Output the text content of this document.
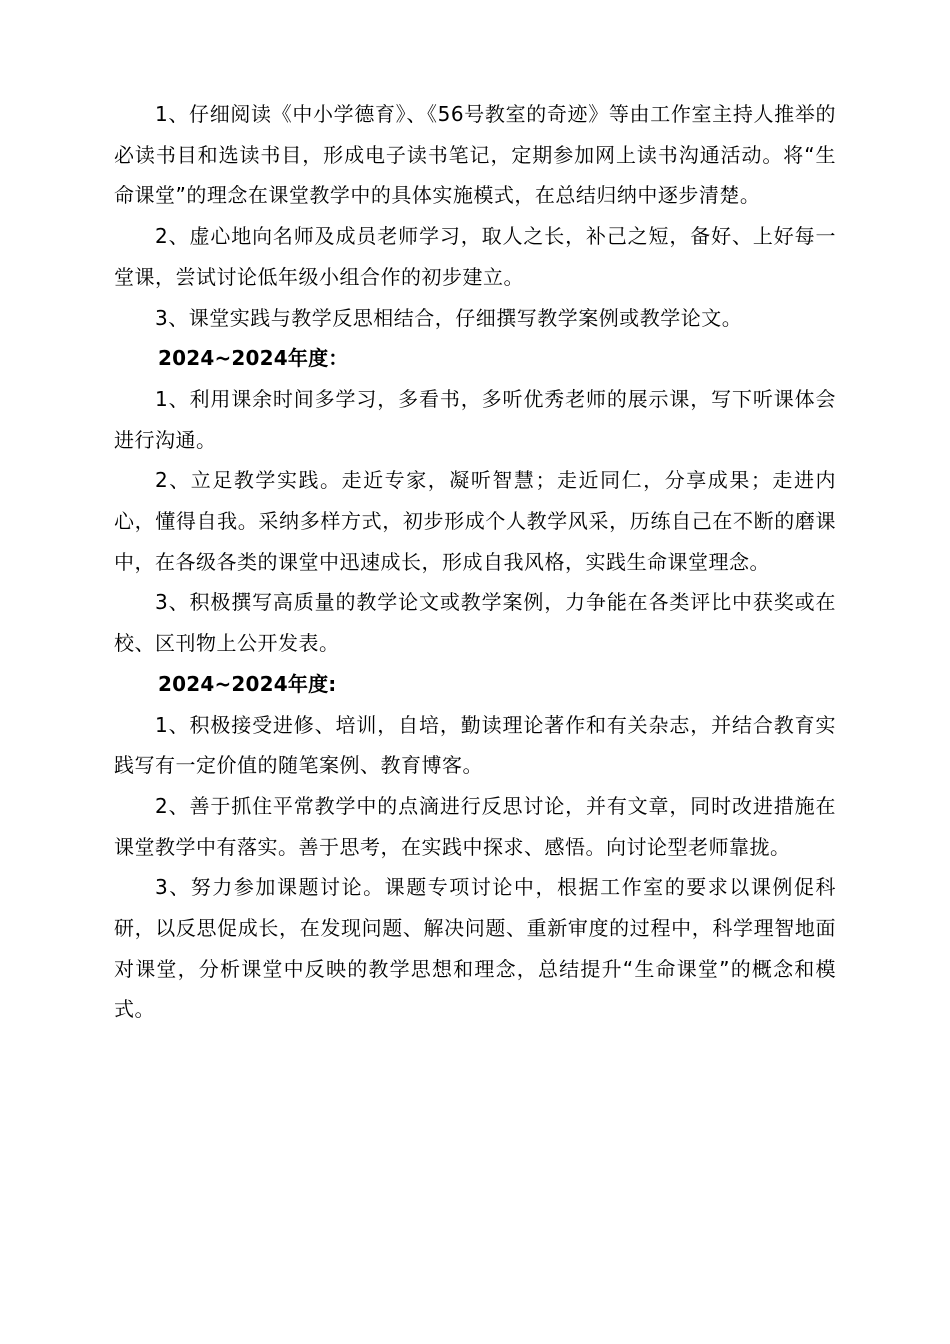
1、仔细阅读《中小学德育》、《56号教室的奇迹》等由工作室主持人推举的必读书目和选读书目，形成电子读书笔记，定期参加网上读书沟通活动。将“生命课堂”的理念在课堂教学中的具体实施模式，在总结归纳中逐步清楚。

2、虚心地向名师及成员老师学习，取人之长，补己之短，备好、上好每一堂课，尝试讨论低年级小组合作的初步建立。

3、课堂实践与教学反思相结合，仔细撰写教学案例或教学论文。

2024~2024年度：

1、利用课余时间多学习，多看书，多听优秀老师的展示课，写下听课体会进行沟通。

2、立足教学实践。走近专家，凝听智慧；走近同仁，分享成果；走进内心，懂得自我。采纳多样方式，初步形成个人教学风采，历练自己在不断的磨课中，在各级各类的课堂中迅速成长，形成自我风格，实践生命课堂理念。

3、积极撰写高质量的教学论文或教学案例，力争能在各类评比中获奖或在校、区刊物上公开发表。

2024~2024年度:

1、积极接受进修、培训，自培，勤读理论著作和有关杂志，并结合教育实践写有一定价值的随笔案例、教育博客。

2、善于抓住平常教学中的点滴进行反思讨论，并有文章，同时改进措施在课堂教学中有落实。善于思考，在实践中探求、感悟。向讨论型老师靠拢。

3、努力参加课题讨论。课题专项讨论中，根据工作室的要求以课例促科研，以反思促成长，在发现问题、解决问题、重新审度的过程中，科学理智地面对课堂，分析课堂中反映的教学思想和理念，总结提升“生命课堂”的概念和模式。
